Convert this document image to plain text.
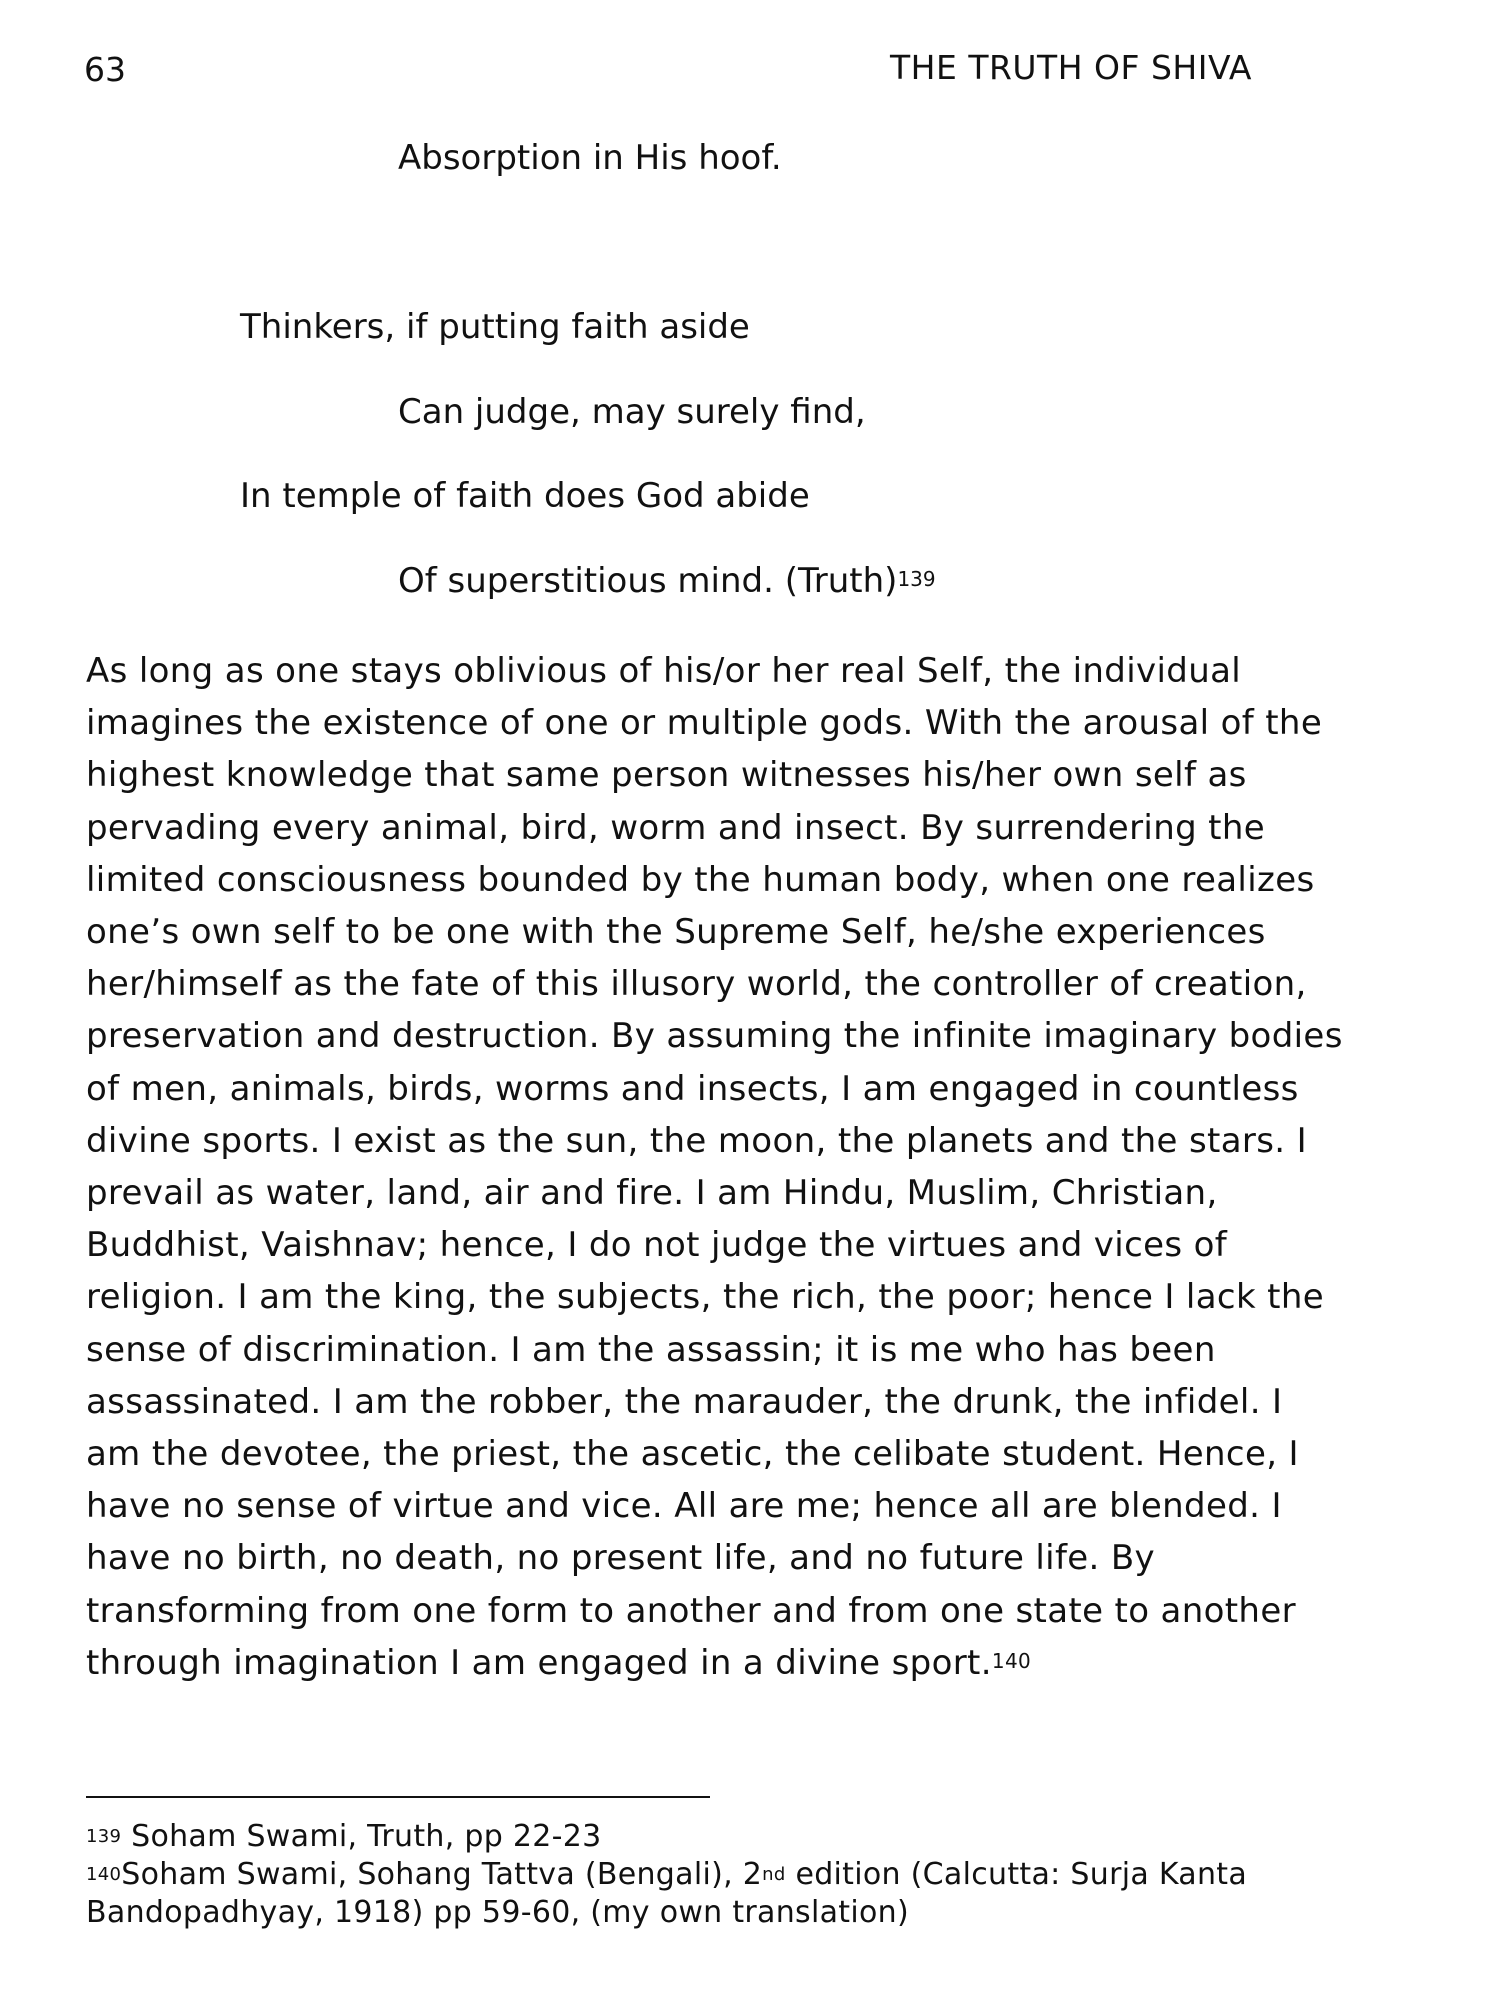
63	THE TRUTH OF SHIVA
Absorption in His hoof.
Thinkers, if putting faith aside
Can judge, may surely find,
In temple of faith does God abide
Of superstitious mind. (Truth)$^{139}$

As long as one stays oblivious of his/or her real Self, the individual
imagines the existence of one or multiple gods. With the arousal of the
highest knowledge that same person witnesses his/her own self as
pervading every animal, bird, worm and insect. By surrendering the
limited consciousness bounded by the human body, when one realizes
one’s own self to be one with the Supreme Self, he/she experiences
her/himself as the fate of this illusory world, the controller of creation,
preservation and destruction. By assuming the infinite imaginary bodies
of men, animals, birds, worms and insects, I am engaged in countless
divine sports. I exist as the sun, the moon, the planets and the stars. I
prevail as water, land, air and fire. I am Hindu, Muslim, Christian,
Buddhist, Vaishnav; hence, I do not judge the virtues and vices of
religion. I am the king, the subjects, the rich, the poor; hence I lack the
sense of discrimination. I am the assassin; it is me who has been
assassinated. I am the robber, the marauder, the drunk, the infidel. I
am the devotee, the priest, the ascetic, the celibate student. Hence, I
have no sense of virtue and vice. All are me; hence all are blended. I
have no birth, no death, no present life, and no future life. By
transforming from one form to another and from one state to another
through imagination I am engaged in a divine sport.$^{140}$

$^{139}$ Soham Swami, Truth, pp 22-23
$^{140}$Soham Swami, Sohang Tattva (Bengali), 2nd edition (Calcutta: Surja Kanta
Bandopadhyay, 1918) pp 59-60, (my own translation)
